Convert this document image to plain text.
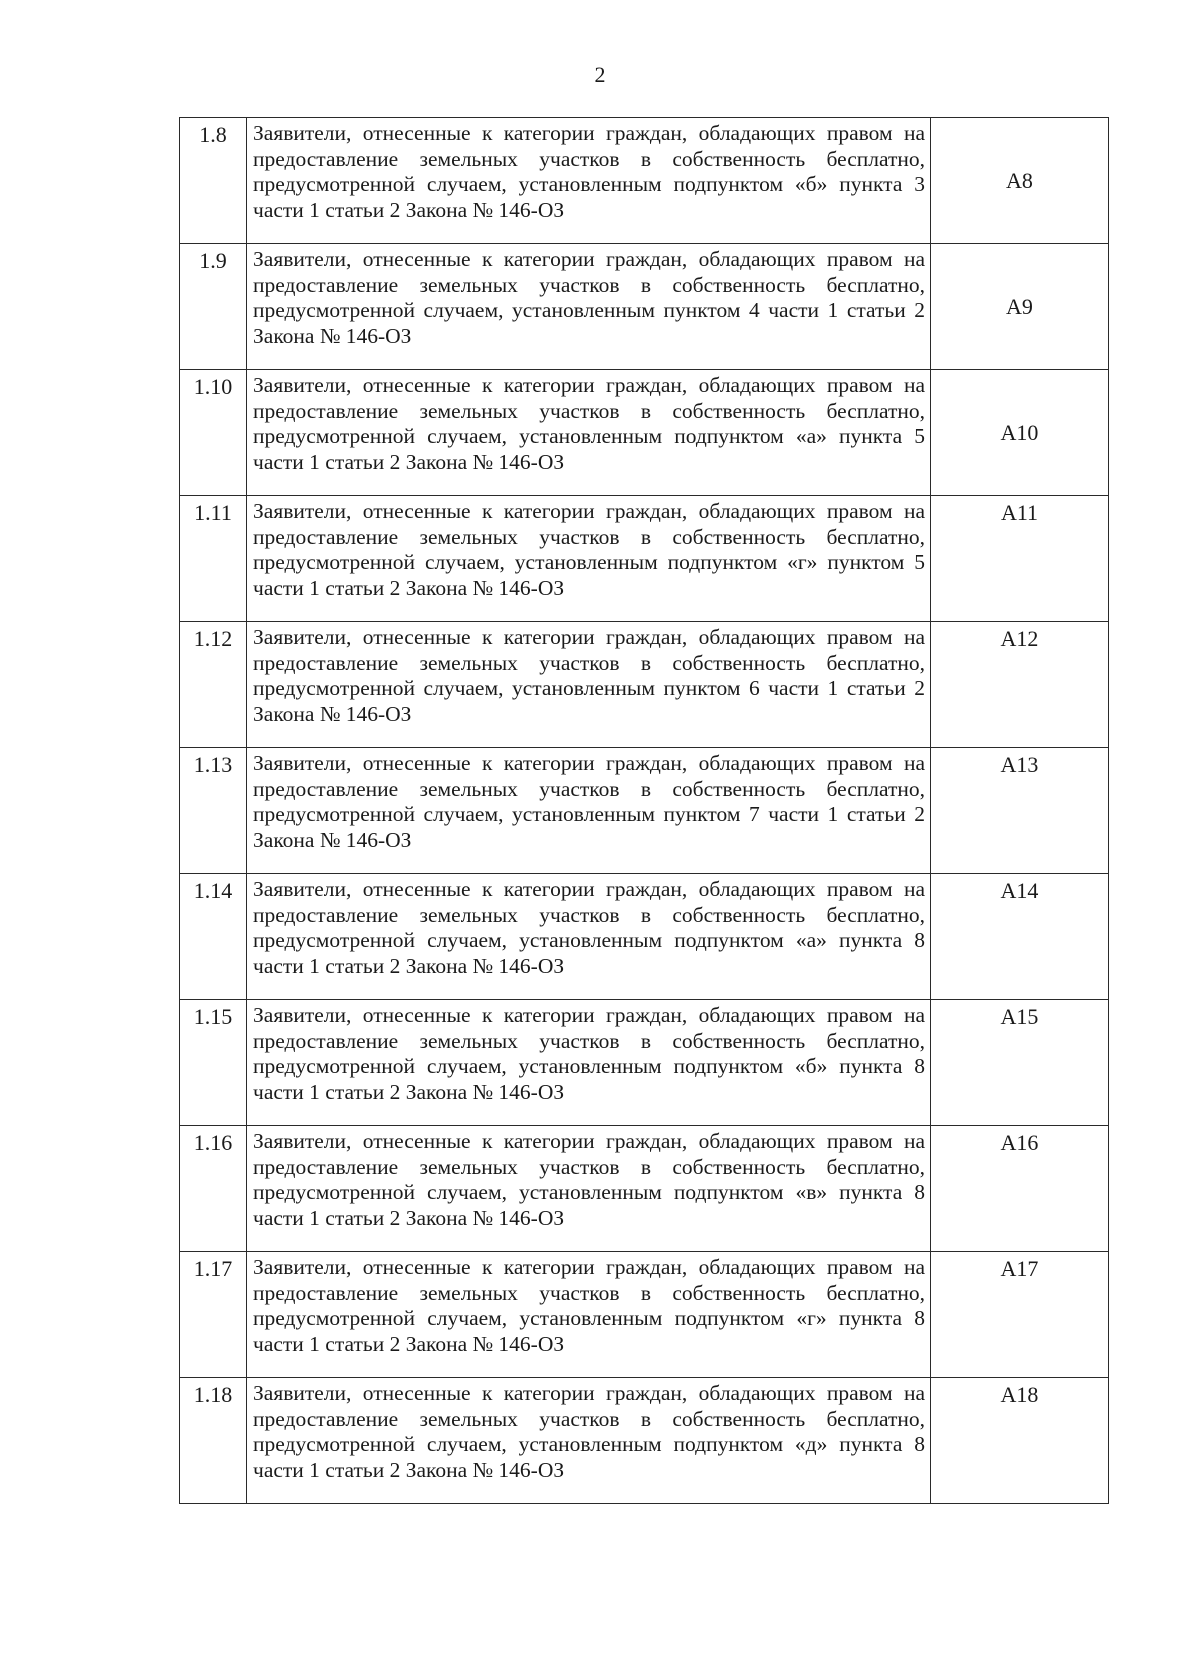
2
1.8	Заявители, отнесенные к категории граждан, обладающих правом на предоставление земельных участков в собственность бесплатно, предусмотренной случаем, установленным подпунктом «б» пункта 3 части 1 статьи 2 Закона № 146-ОЗ	А8
1.9	Заявители, отнесенные к категории граждан, обладающих правом на предоставление земельных участков в собственность бесплатно, предусмотренной случаем, установленным пунктом 4 части 1 статьи 2 Закона № 146-ОЗ	А9
1.10	Заявители, отнесенные к категории граждан, обладающих правом на предоставление земельных участков в собственность бесплатно, предусмотренной случаем, установленным подпунктом «а» пункта 5 части 1 статьи 2 Закона № 146-ОЗ	А10
1.11	Заявители, отнесенные к категории граждан, обладающих правом на предоставление земельных участков в собственность бесплатно, предусмотренной случаем, установленным подпунктом «г» пунктом 5 части 1 статьи 2 Закона № 146-ОЗ	А11
1.12	Заявители, отнесенные к категории граждан, обладающих правом на предоставление земельных участков в собственность бесплатно, предусмотренной случаем, установленным пунктом 6 части 1 статьи 2 Закона № 146-ОЗ	А12
1.13	Заявители, отнесенные к категории граждан, обладающих правом на предоставление земельных участков в собственность бесплатно, предусмотренной случаем, установленным пунктом 7 части 1 статьи 2 Закона № 146-ОЗ	А13
1.14	Заявители, отнесенные к категории граждан, обладающих правом на предоставление земельных участков в собственность бесплатно, предусмотренной случаем, установленным подпунктом «а» пункта 8 части 1 статьи 2 Закона № 146-ОЗ	А14
1.15	Заявители, отнесенные к категории граждан, обладающих правом на предоставление земельных участков в собственность бесплатно, предусмотренной случаем, установленным подпунктом «б» пункта 8 части 1 статьи 2 Закона № 146-ОЗ	А15
1.16	Заявители, отнесенные к категории граждан, обладающих правом на предоставление земельных участков в собственность бесплатно, предусмотренной случаем, установленным подпунктом «в» пункта 8 части 1 статьи 2 Закона № 146-ОЗ	А16
1.17	Заявители, отнесенные к категории граждан, обладающих правом на предоставление земельных участков в собственность бесплатно, предусмотренной случаем, установленным подпунктом «г» пункта 8 части 1 статьи 2 Закона № 146-ОЗ	А17
1.18	Заявители, отнесенные к категории граждан, обладающих правом на предоставление земельных участков в собственность бесплатно, предусмотренной случаем, установленным подпунктом «д» пункта 8 части 1 статьи 2 Закона № 146-ОЗ	А18
